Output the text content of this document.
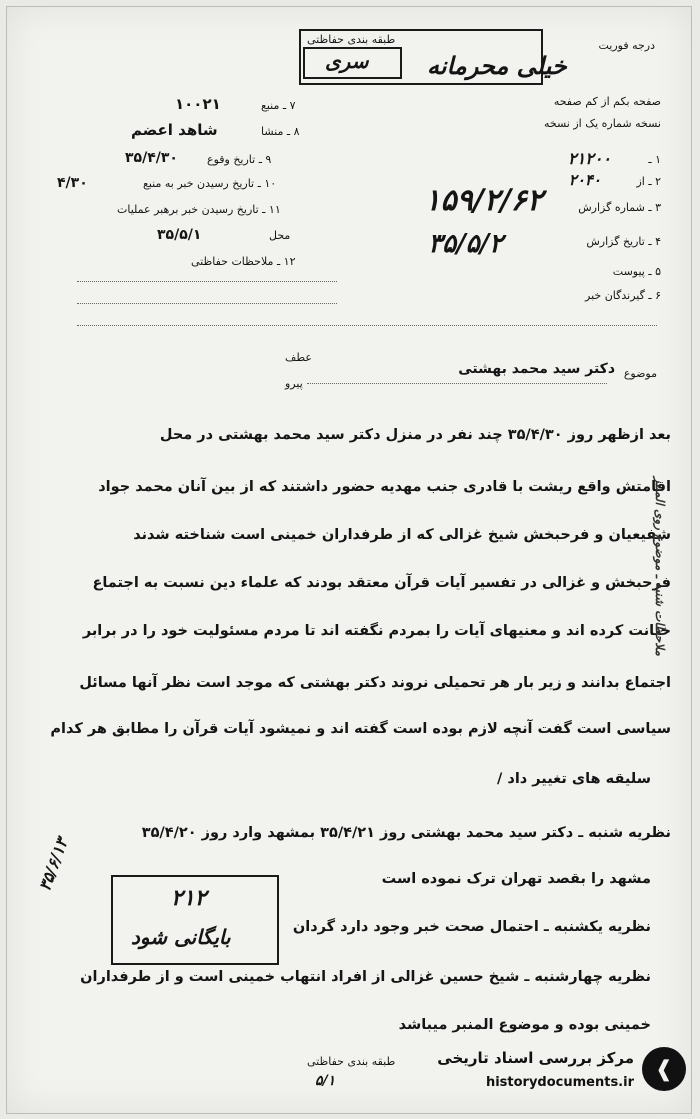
درجه فوریت
طبقه بندی حفاظتی
خیلی محرمانه
سری
صفحه بکم از کم صفحه
نسخه شماره یک از نسخه
۱ ـ
۲۱۲۰۰
۲ ـ از
۲۰۴۰
۳ ـ شماره گزارش
۱۵۹/۲/۶۲
۴ ـ تاریخ گزارش
۳۵/۵/۲
۵ ـ پیوست
۶ ـ گیرندگان خبر
۷ ـ منبع
۱۰۰۲۱
۸ ـ منشا
شاهد اعضم
۹ ـ تاریخ وقوع
۳۵/۴/۳۰
۱۰ ـ تاریخ رسیدن خبر به منبع
۴/۳۰
۱۱ ـ تاریخ رسیدن خبر برهبر عملیات
محل
۳۵/۵/۱
۱۲ ـ ملاحظات حفاظتی
عطف
پیرو
موضوع
دکتر سید محمد بهشتی
بعد ازظهر روز ۳۵/۴/۳۰ چند نفر در منزل دکتر سید محمد بهشتی در محل
اقامتش واقع ریشت با قادری جنب مهدیه حضور داشتند که از بین آنان محمد جواد
شفیعیان و فرحبخش شیخ غزالی که از طرفداران خمینی است شناخته شدند
فرحبخش و غزالی در تفسیر آیات قرآن معتقد بودند که علماء دین نسبت به اجتماع
خیانت کرده اند و معنیهای آیات را بمردم نگفته اند تا مردم مسئولیت خود را در برابر
اجتماع بدانند و زیر بار هر تحمیلی نروند دکتر بهشتی که موجد است نظر آنها مسائل
سیاسی است گفت آنچه لازم بوده است گفته اند و نمیشود آیات قرآن را مطابق هر کدام
سلیقه های تغییر داد /
نظریه شنبه ـ دکتر سید محمد بهشتی روز ۳۵/۴/۲۱ بمشهد وارد روز ۳۵/۴/۲۰
مشهد را بقصد تهران ترک نموده است
نظریه یکشنبه ـ احتمال صحت خبر وجود دارد گردان
نظریه چهارشنبه ـ شیخ حسین غزالی از افراد انتهاب خمینی است و از طرفداران
خمینی بوده و موضوع المنبر میباشد
ملاحظات شنبه ـ موضوع روی المنبر
۲۱۲
بایگانی شود
۳۵/۶/۱۳
طبقه بندی حفاظتی
۵/۱	❰
مرکز بررسی اسناد تاریخی
historydocuments.ir
